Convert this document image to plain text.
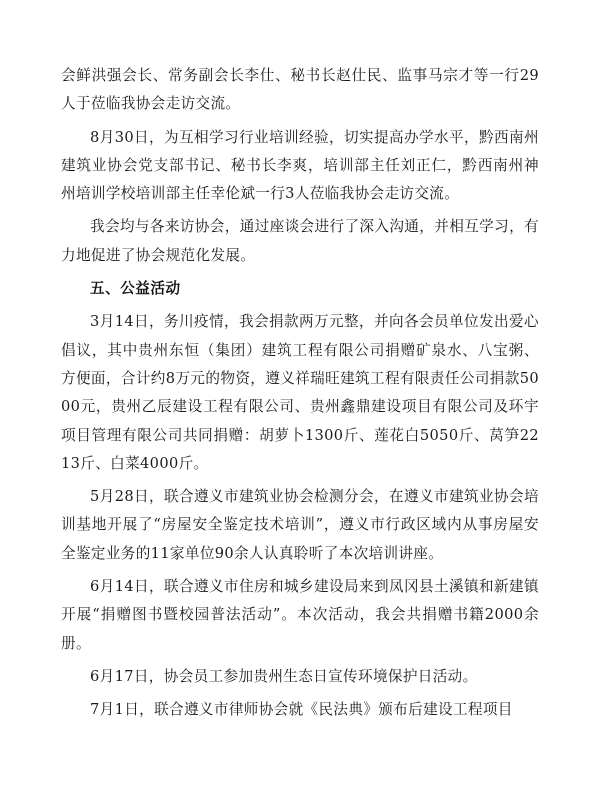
会鲜洪强会长、常务副会长李仕、秘书长赵仕民、监事马宗才等一行29人于莅临我协会走访交流。

8月30日，为互相学习行业培训经验，切实提高办学水平，黔西南州建筑业协会党支部书记、秘书长李爽，培训部主任刘正仁，黔西南州神州培训学校培训部主任幸伦斌一行3人莅临我协会走访交流。

我会均与各来访协会，通过座谈会进行了深入沟通，并相互学习，有力地促进了协会规范化发展。

五、公益活动

3月14日，务川疫情，我会捐款两万元整，并向各会员单位发出爱心倡议，其中贵州东恒（集团）建筑工程有限公司捐赠矿泉水、八宝粥、方便面，合计约8万元的物资，遵义祥瑞旺建筑工程有限责任公司捐款5000元，贵州乙辰建设工程有限公司、贵州鑫鼎建设项目有限公司及环宇项目管理有限公司共同捐赠：胡萝卜1300斤、莲花白5050斤、莴笋2213斤、白菜4000斤。

5月28日，联合遵义市建筑业协会检测分会，在遵义市建筑业协会培训基地开展了“房屋安全鉴定技术培训”，遵义市行政区域内从事房屋安全鉴定业务的11家单位90余人认真聆听了本次培训讲座。

6月14日，联合遵义市住房和城乡建设局来到凤冈县土溪镇和新建镇开展“捐赠图书暨校园普法活动”。本次活动，我会共捐赠书籍2000余册。

6月17日，协会员工参加贵州生态日宣传环境保护日活动。

7月1日，联合遵义市律师协会就《民法典》颁布后建设工程项目
